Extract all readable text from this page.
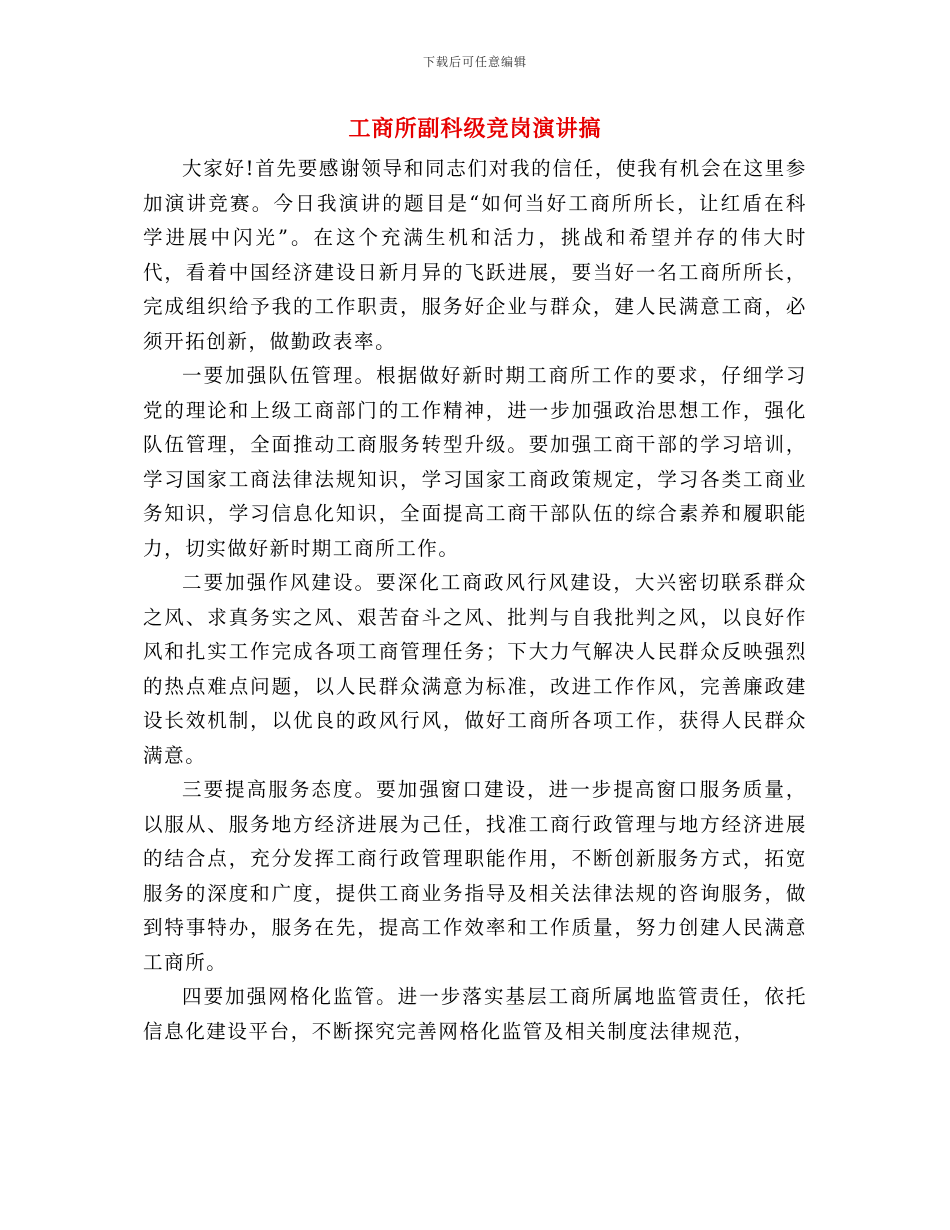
下载后可任意编辑
工商所副科级竞岗演讲搞

大家好!首先要感谢领导和同志们对我的信任，使我有机会在这里参加演讲竞赛。今日我演讲的题目是“如何当好工商所所长，让红盾在科学进展中闪光”。在这个充满生机和活力，挑战和希望并存的伟大时代，看着中国经济建设日新月异的飞跃进展，要当好一名工商所所长，完成组织给予我的工作职责，服务好企业与群众，建人民满意工商，必须开拓创新，做勤政表率。

一要加强队伍管理。根据做好新时期工商所工作的要求，仔细学习党的理论和上级工商部门的工作精神，进一步加强政治思想工作，强化队伍管理，全面推动工商服务转型升级。要加强工商干部的学习培训，学习国家工商法律法规知识，学习国家工商政策规定，学习各类工商业务知识，学习信息化知识，全面提高工商干部队伍的综合素养和履职能力，切实做好新时期工商所工作。

二要加强作风建设。要深化工商政风行风建设，大兴密切联系群众之风、求真务实之风、艰苦奋斗之风、批判与自我批判之风，以良好作风和扎实工作完成各项工商管理任务；下大力气解决人民群众反映强烈的热点难点问题，以人民群众满意为标准，改进工作作风，完善廉政建设长效机制，以优良的政风行风，做好工商所各项工作，获得人民群众满意。

三要提高服务态度。要加强窗口建设，进一步提高窗口服务质量，以服从、服务地方经济进展为己任，找准工商行政管理与地方经济进展的结合点，充分发挥工商行政管理职能作用，不断创新服务方式，拓宽服务的深度和广度，提供工商业务指导及相关法律法规的咨询服务，做到特事特办，服务在先，提高工作效率和工作质量，努力创建人民满意工商所。

四要加强网格化监管。进一步落实基层工商所属地监管责任，依托信息化建设平台，不断探究完善网格化监管及相关制度法律规范，
